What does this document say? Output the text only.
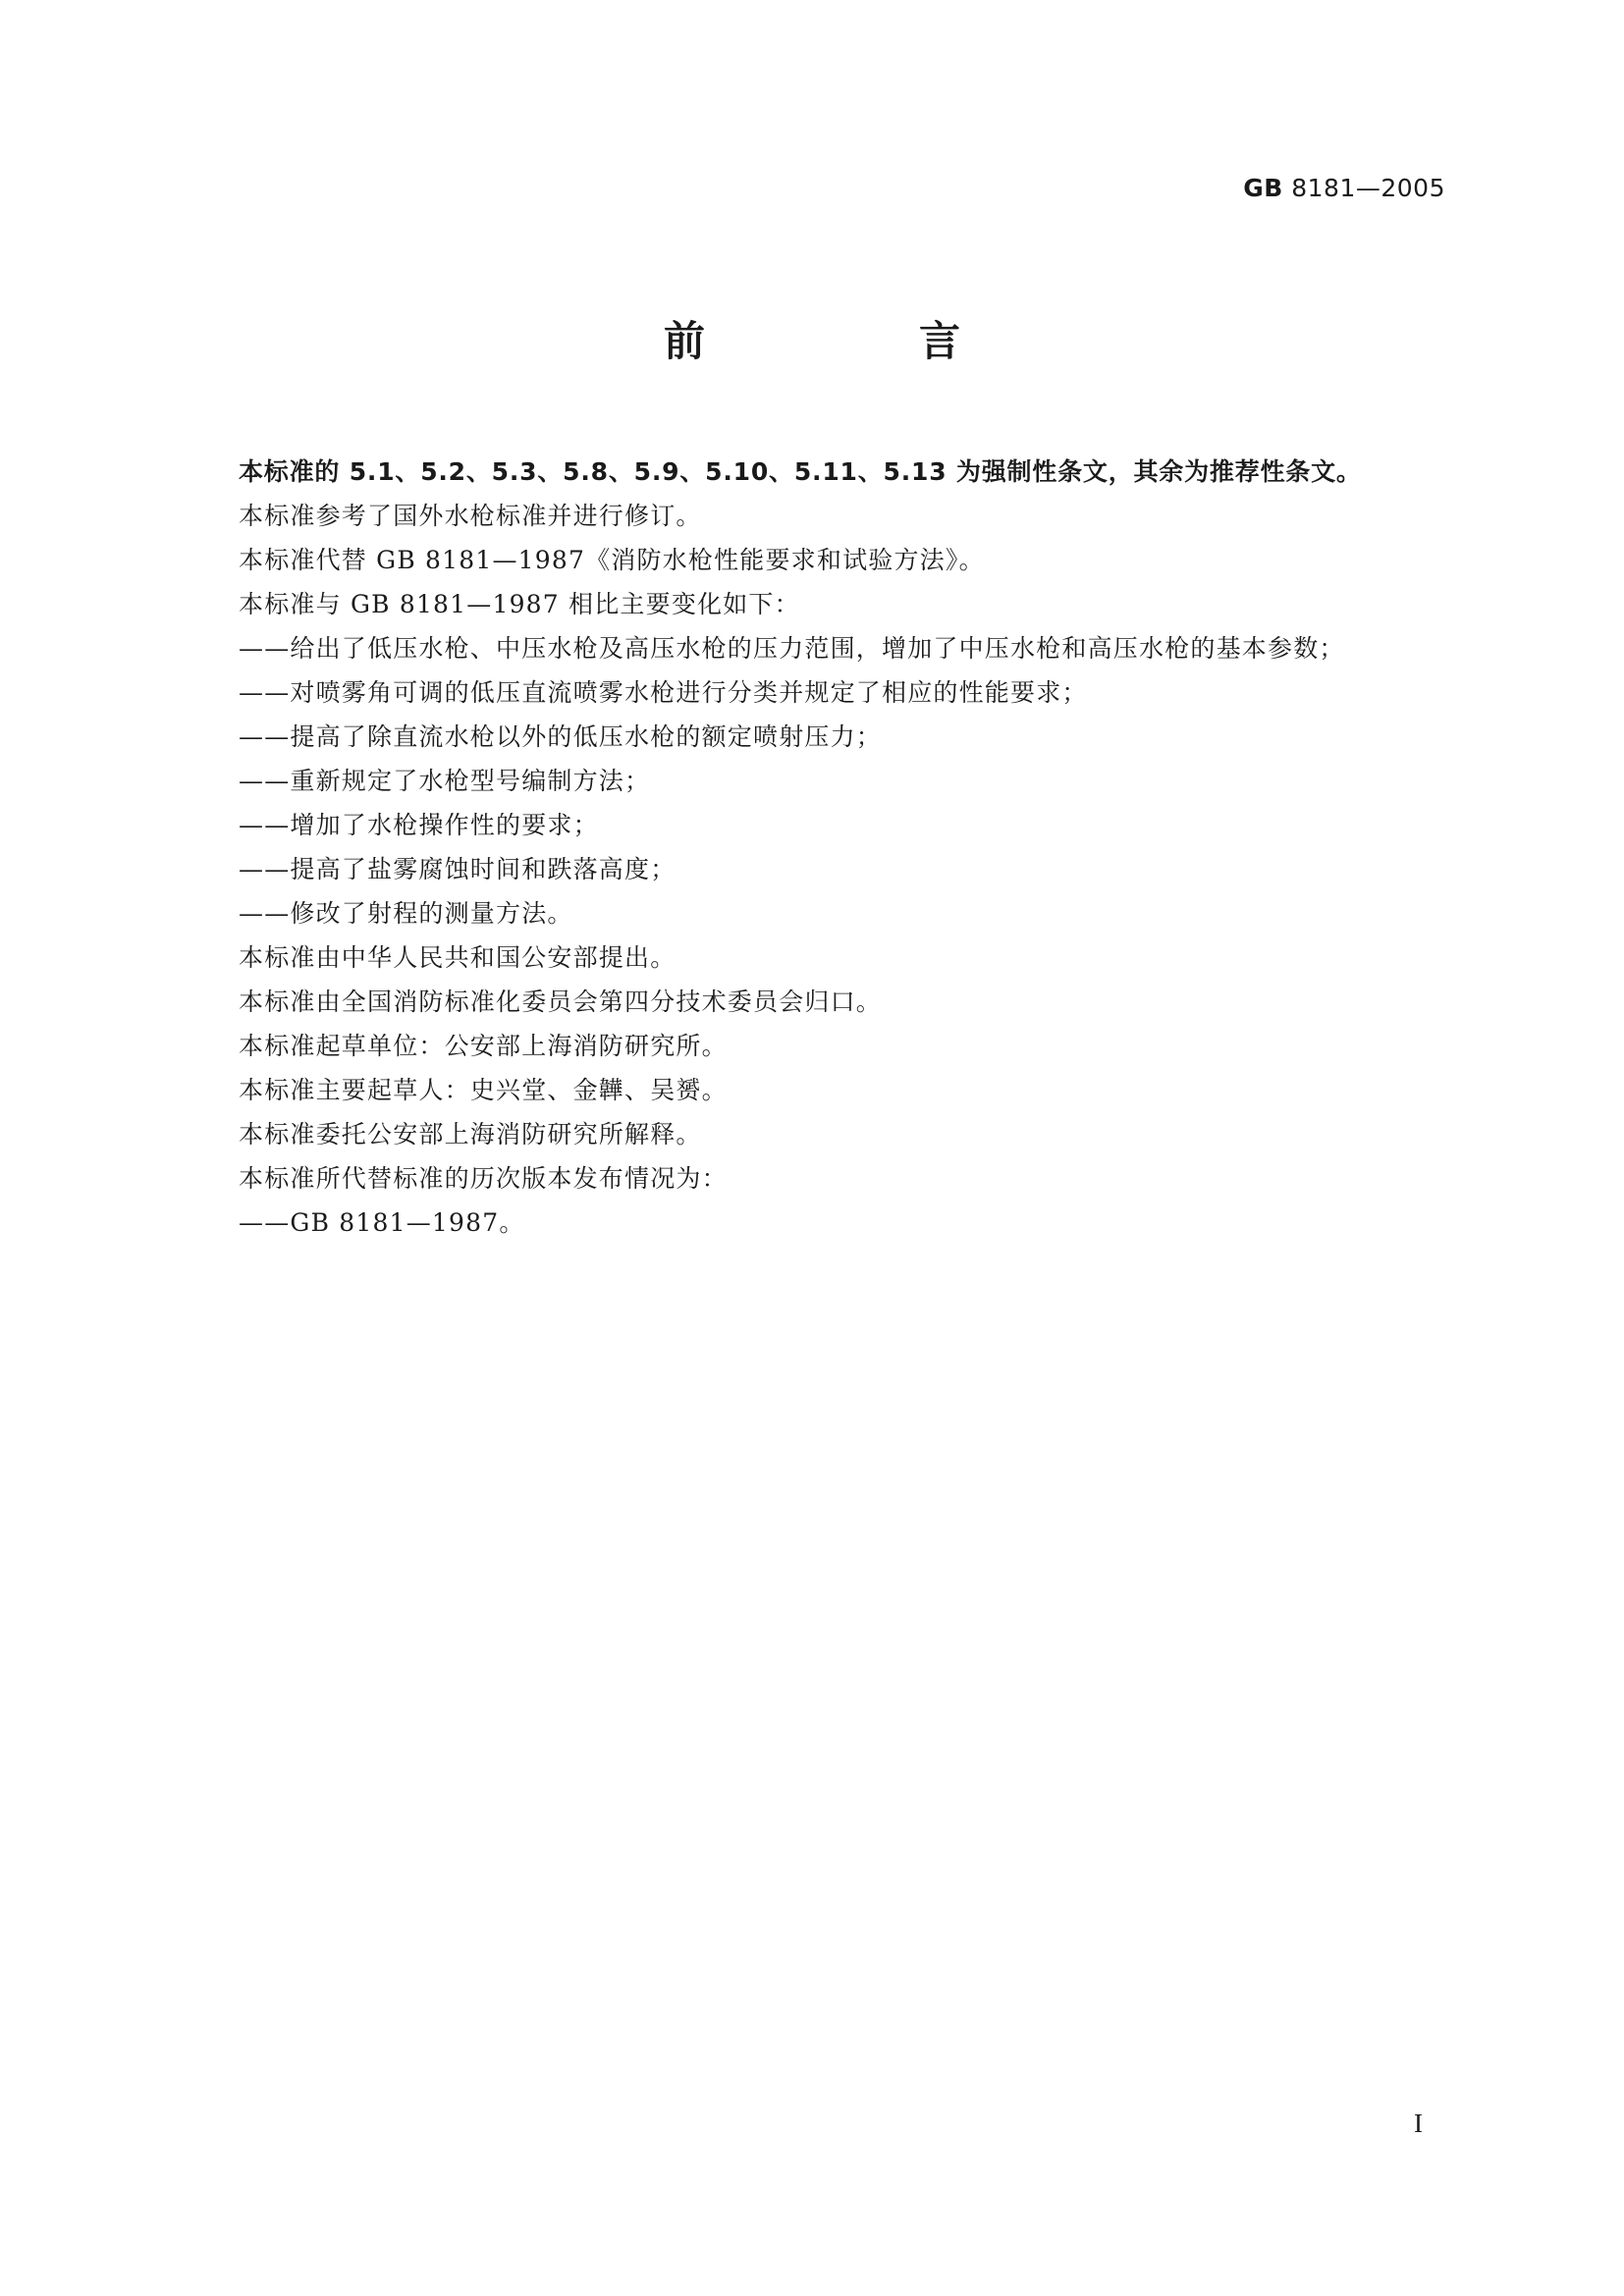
GB 8181—2005
前　言
本标准的 5.1、5.2、5.3、5.8、5.9、5.10、5.11、5.13 为强制性条文，其余为推荐性条文。
本标准参考了国外水枪标准并进行修订。
本标准代替 GB 8181—1987《消防水枪性能要求和试验方法》。
本标准与 GB 8181—1987 相比主要变化如下：
——给出了低压水枪、中压水枪及高压水枪的压力范围，增加了中压水枪和高压水枪的基本参数；
——对喷雾角可调的低压直流喷雾水枪进行分类并规定了相应的性能要求；
——提高了除直流水枪以外的低压水枪的额定喷射压力；
——重新规定了水枪型号编制方法；
——增加了水枪操作性的要求；
——提高了盐雾腐蚀时间和跌落高度；
——修改了射程的测量方法。
本标准由中华人民共和国公安部提出。
本标准由全国消防标准化委员会第四分技术委员会归口。
本标准起草单位：公安部上海消防研究所。
本标准主要起草人：史兴堂、金韡、吴赟。
本标准委托公安部上海消防研究所解释。
本标准所代替标准的历次版本发布情况为：
——GB 8181—1987。
I
